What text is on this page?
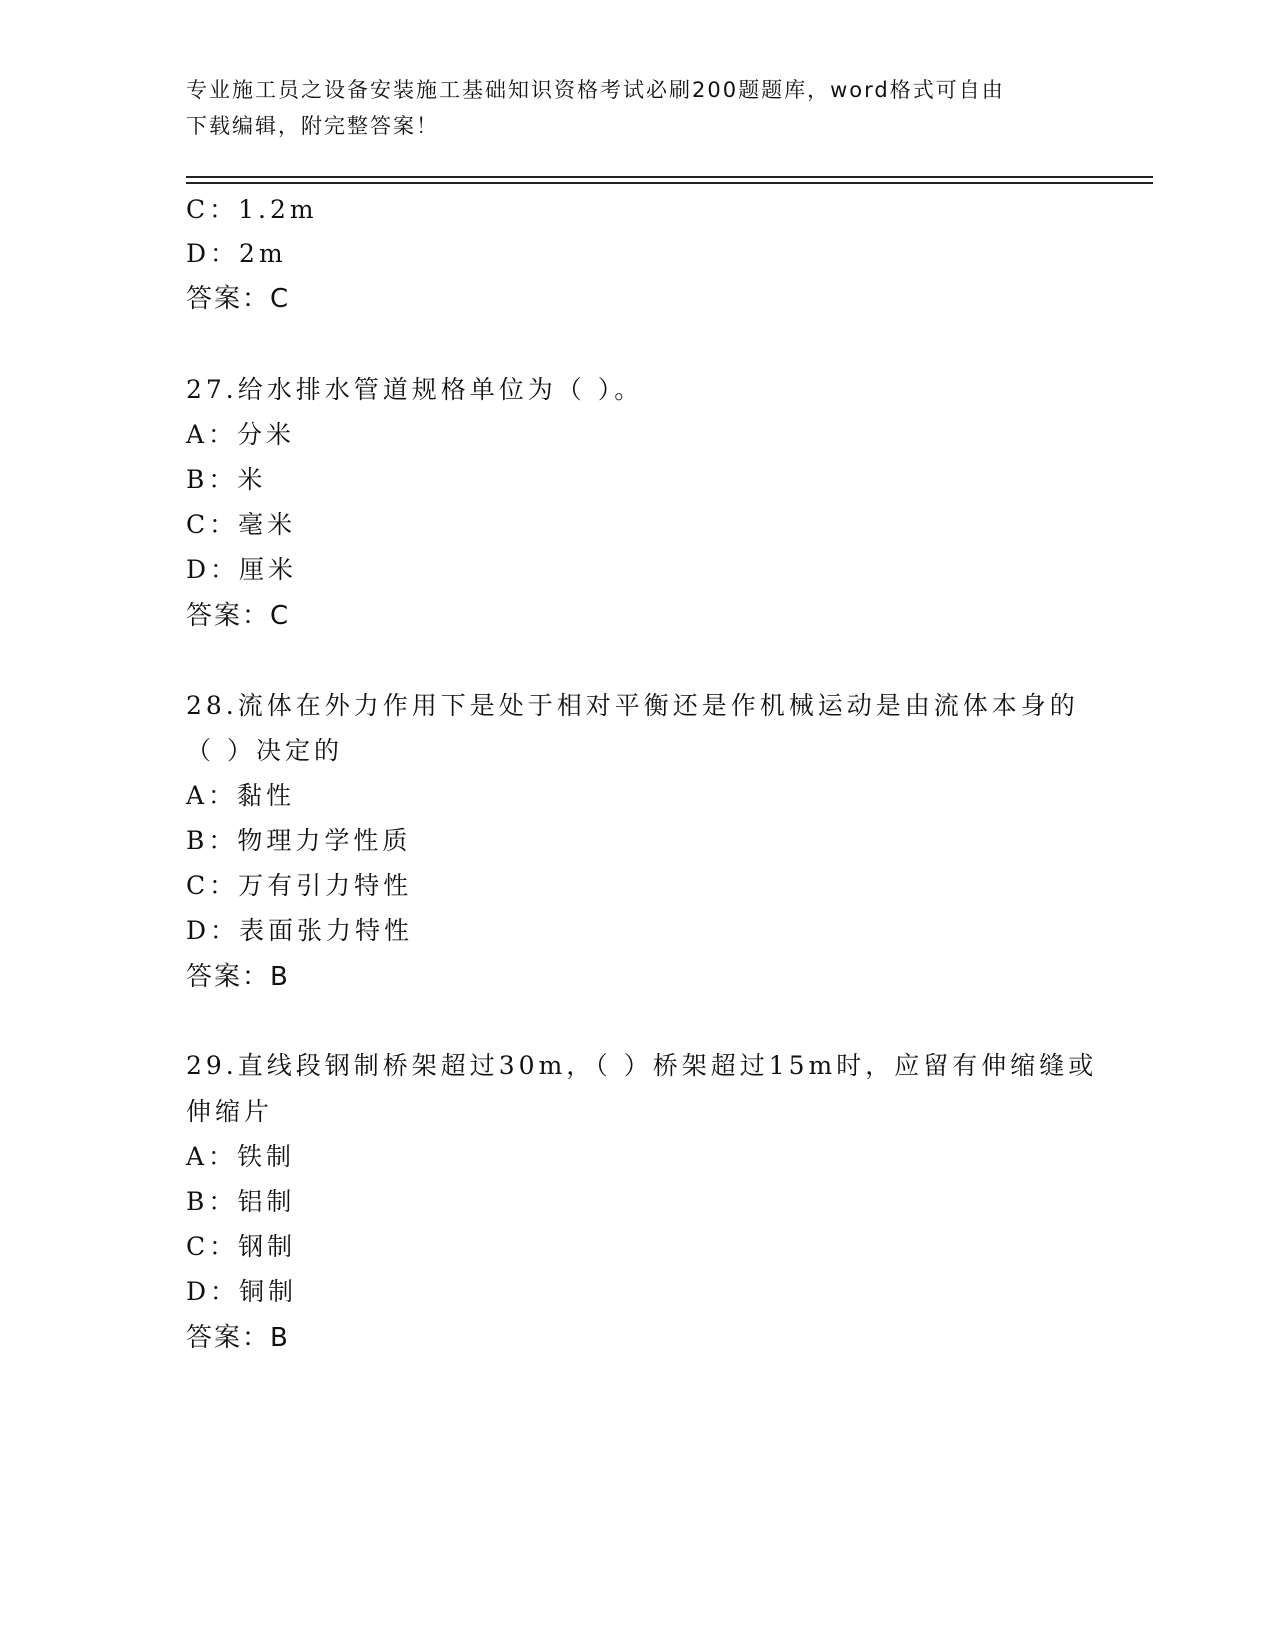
专业施工员之设备安装施工基础知识资格考试必刷200题题库，word格式可自由
下载编辑，附完整答案！
C：1.2m
D：2m
答案：C
27.给水排水管道规格单位为（ ）。
A：分米
B：米
C：毫米
D：厘米
答案：C
28.流体在外力作用下是处于相对平衡还是作机械运动是由流体本身的
（ ）决定的
A：黏性
B：物理力学性质
C：万有引力特性
D：表面张力特性
答案：B
29.直线段钢制桥架超过30m，（ ）桥架超过15m时，应留有伸缩缝或
伸缩片
A：铁制
B：铝制
C：钢制
D：铜制
答案：B
